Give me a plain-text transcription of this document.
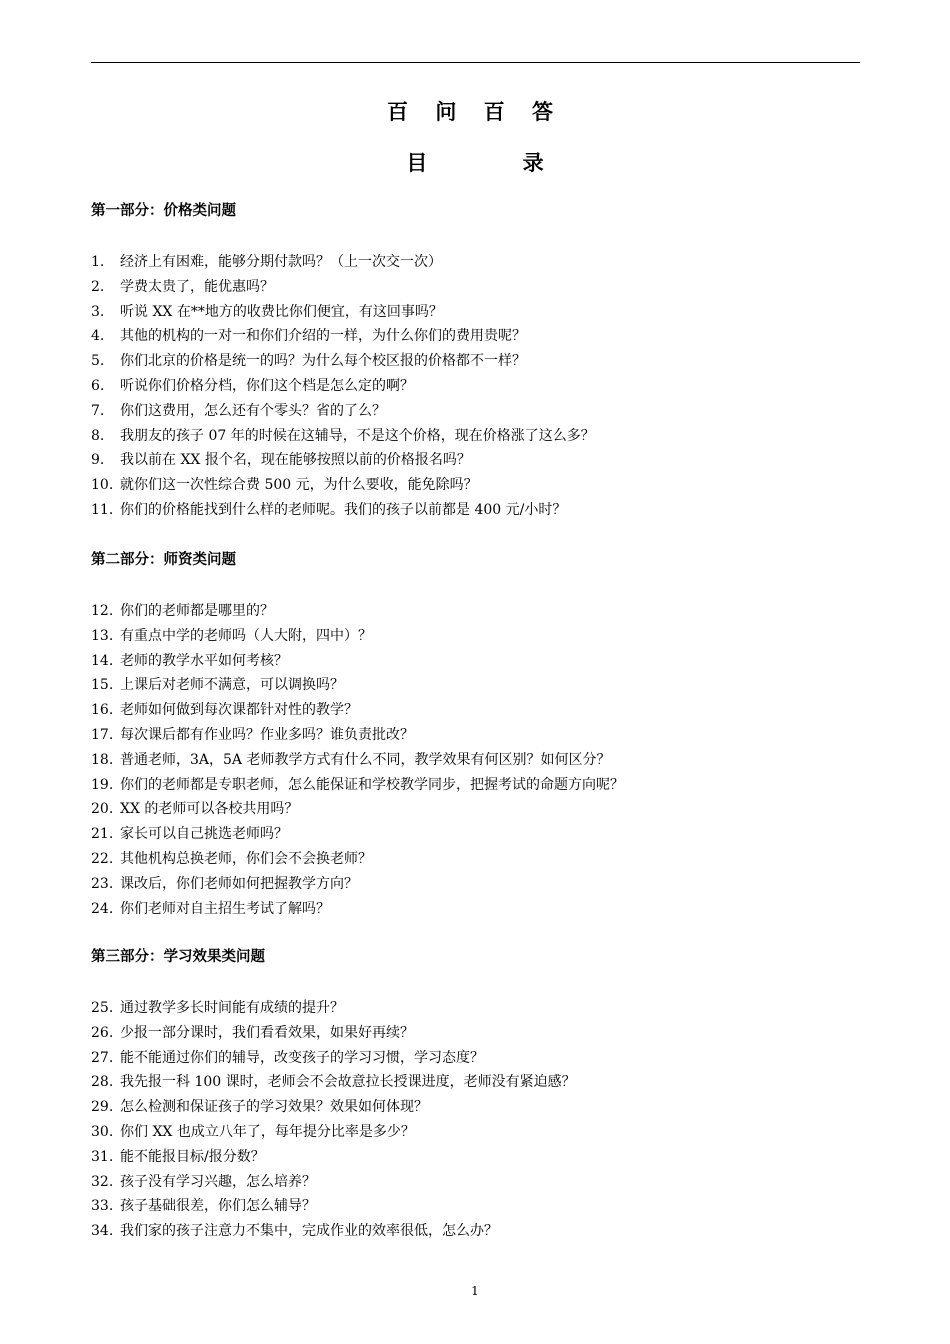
百 问 百 答
目 录
第一部分：价格类问题
1. 经济上有困难，能够分期付款吗？（上一次交一次）
2. 学费太贵了，能优惠吗？
3. 听说 XX 在**地方的收费比你们便宜，有这回事吗？
4. 其他的机构的一对一和你们介绍的一样，为什么你们的费用贵呢？
5. 你们北京的价格是统一的吗？为什么每个校区报的价格都不一样？
6. 听说你们价格分档，你们这个档是怎么定的啊？
7. 你们这费用，怎么还有个零头？省的了么？
8. 我朋友的孩子 07 年的时候在这辅导，不是这个价格，现在价格涨了这么多？
9. 我以前在 XX 报个名，现在能够按照以前的价格报名吗？
10. 就你们这一次性综合费 500 元，为什么要收，能免除吗？
11. 你们的价格能找到什么样的老师呢。我们的孩子以前都是 400 元/小时？
第二部分：师资类问题
12. 你们的老师都是哪里的？
13. 有重点中学的老师吗（人大附，四中）？
14. 老师的教学水平如何考核？
15. 上课后对老师不满意，可以调换吗？
16. 老师如何做到每次课都针对性的教学？
17. 每次课后都有作业吗？作业多吗？谁负责批改？
18. 普通老师，3A，5A 老师教学方式有什么不同，教学效果有何区别？如何区分？
19. 你们的老师都是专职老师，怎么能保证和学校教学同步，把握考试的命题方向呢？
20. XX 的老师可以各校共用吗？
21. 家长可以自己挑选老师吗？
22. 其他机构总换老师，你们会不会换老师？
23. 课改后，你们老师如何把握教学方向？
24. 你们老师对自主招生考试了解吗？
第三部分：学习效果类问题
25. 通过教学多长时间能有成绩的提升？
26. 少报一部分课时，我们看看效果，如果好再续？
27. 能不能通过你们的辅导，改变孩子的学习习惯，学习态度？
28. 我先报一科 100 课时，老师会不会故意拉长授课进度，老师没有紧迫感？
29. 怎么检测和保证孩子的学习效果？效果如何体现？
30. 你们 XX 也成立八年了，每年提分比率是多少？
31. 能不能报目标/报分数？
32. 孩子没有学习兴趣，怎么培养？
33. 孩子基础很差，你们怎么辅导？
34. 我们家的孩子注意力不集中，完成作业的效率很低，怎么办？
1
